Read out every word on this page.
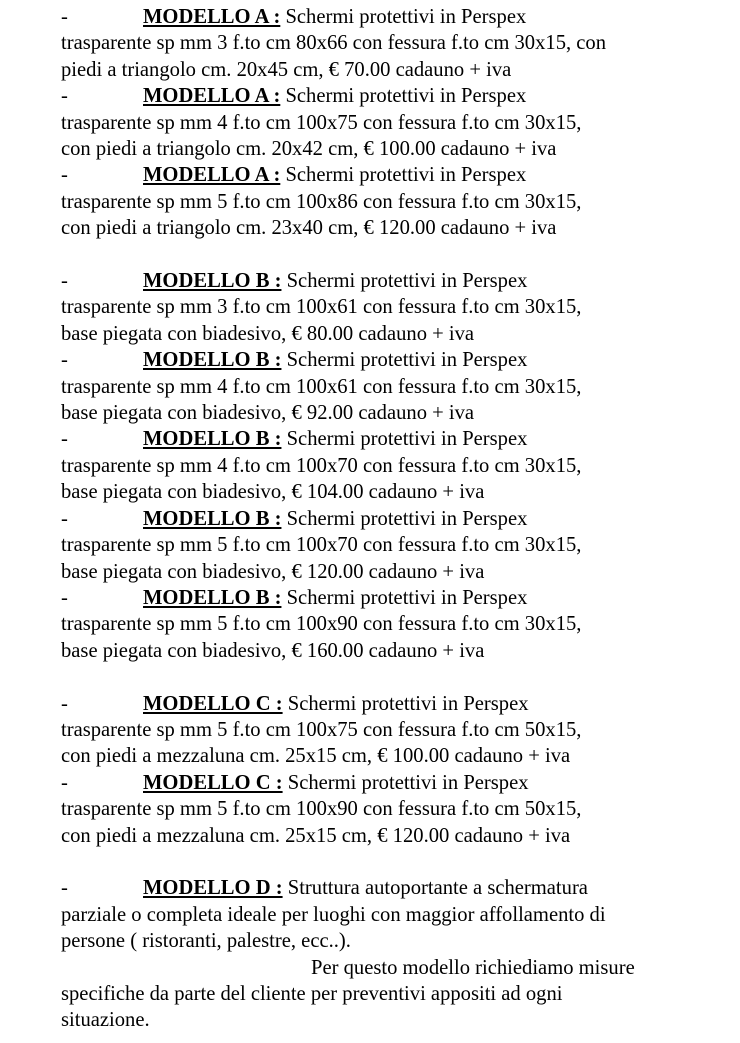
-	MODELLO A : Schermi protettivi in Perspex
trasparente sp mm 3 f.to cm 80x66 con fessura f.to cm 30x15, con
piedi a triangolo cm. 20x45 cm, € 70.00 cadauno + iva
-	MODELLO A : Schermi protettivi in Perspex
trasparente sp mm 4 f.to cm 100x75 con fessura f.to cm 30x15,
con piedi a triangolo cm. 20x42 cm, € 100.00 cadauno + iva
-	MODELLO A : Schermi protettivi in Perspex
trasparente sp mm 5 f.to cm 100x86 con fessura f.to cm 30x15,
con piedi a triangolo cm. 23x40 cm, € 120.00 cadauno + iva
-	MODELLO B : Schermi protettivi in Perspex
trasparente sp mm 3 f.to cm 100x61 con fessura f.to cm 30x15,
base piegata con biadesivo, € 80.00 cadauno + iva
-	MODELLO B : Schermi protettivi in Perspex
trasparente sp mm 4 f.to cm 100x61 con fessura f.to cm 30x15,
base piegata con biadesivo, € 92.00 cadauno + iva
-	MODELLO B : Schermi protettivi in Perspex
trasparente sp mm 4 f.to cm 100x70 con fessura f.to cm 30x15,
base piegata con biadesivo, € 104.00 cadauno + iva
-	MODELLO B : Schermi protettivi in Perspex
trasparente sp mm 5 f.to cm 100x70 con fessura f.to cm 30x15,
base piegata con biadesivo, € 120.00 cadauno + iva
-	MODELLO B : Schermi protettivi in Perspex
trasparente sp mm 5 f.to cm 100x90 con fessura f.to cm 30x15,
base piegata con biadesivo, € 160.00 cadauno + iva
-	MODELLO C : Schermi protettivi in Perspex
trasparente sp mm 5 f.to cm 100x75 con fessura f.to cm 50x15,
con piedi a mezzaluna cm. 25x15 cm, € 100.00 cadauno + iva
-	MODELLO C : Schermi protettivi in Perspex
trasparente sp mm 5 f.to cm 100x90 con fessura f.to cm 50x15,
con piedi a mezzaluna cm. 25x15 cm, € 120.00 cadauno + iva
-	MODELLO D : Struttura autoportante a schermatura
parziale o completa ideale per luoghi con maggior affollamento di
persone ( ristoranti, palestre, ecc..).
Per questo modello richiediamo misure
specifiche da parte del cliente per preventivi appositi ad ogni
situazione.
